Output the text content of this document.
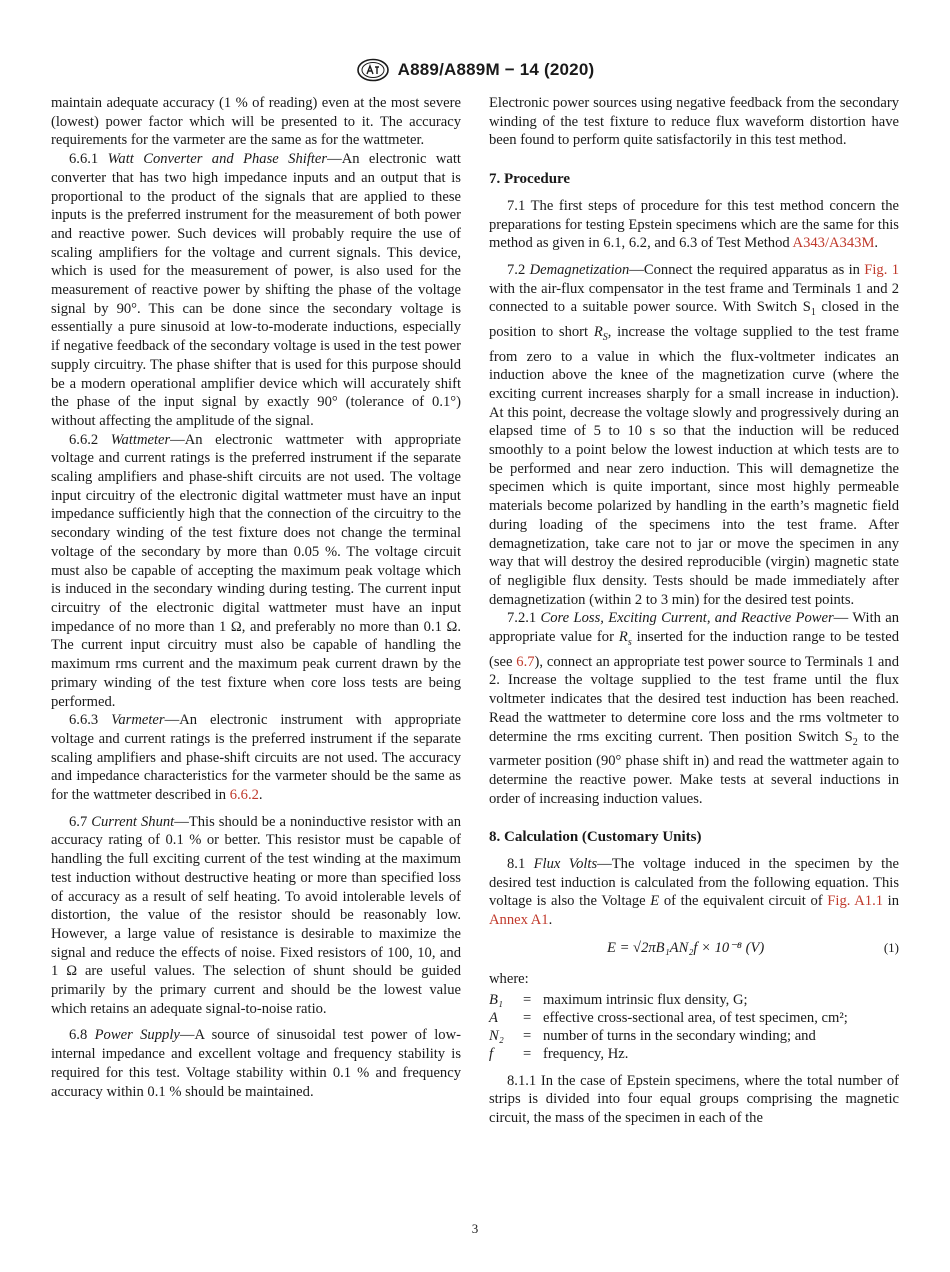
A889/A889M − 14 (2020)

maintain adequate accuracy (1 % of reading) even at the most severe (lowest) power factor which will be presented to it. The accuracy requirements for the varmeter are the same as for the wattmeter.

6.6.1 Watt Converter and Phase Shifter—An electronic watt converter that has two high impedance inputs and an output that is proportional to the product of the signals that are applied to these inputs is the preferred instrument for the measurement of both power and reactive power. Such devices will probably require the use of scaling amplifiers for the voltage and current signals. This device, which is used for the measurement of power, is also used for the measurement of reactive power by shifting the phase of the voltage signal by 90°. This can be done since the secondary voltage is essentially a pure sinusoid at low-to-moderate inductions, especially if negative feedback of the secondary voltage is used in the test power supply circuitry. The phase shifter that is used for this purpose should be a modern operational amplifier device which will accurately shift the phase of the input signal by exactly 90° (tolerance of 0.1°) without affecting the amplitude of the signal.

6.6.2 Wattmeter—An electronic wattmeter with appropriate voltage and current ratings is the preferred instrument if the separate scaling amplifiers and phase-shift circuits are not used. The voltage input circuitry of the electronic digital wattmeter must have an input impedance sufficiently high that the connection of the circuitry to the secondary winding of the test fixture does not change the terminal voltage of the secondary by more than 0.05 %. The voltage circuit must also be capable of accepting the maximum peak voltage which is induced in the secondary winding during testing. The current input circuitry of the electronic digital wattmeter must have an input impedance of no more than 1 Ω, and preferably no more than 0.1 Ω. The current input circuitry must also be capable of handling the maximum rms current and the maximum peak current drawn by the primary winding of the test fixture when core loss tests are being performed.

6.6.3 Varmeter—An electronic instrument with appropriate voltage and current ratings is the preferred instrument if the separate scaling amplifiers and phase-shift circuits are not used. The accuracy and impedance characteristics for the varmeter should be the same as for the wattmeter described in 6.6.2.

6.7 Current Shunt—This should be a noninductive resistor with an accuracy rating of 0.1 % or better. This resistor must be capable of handling the full exciting current of the test winding at the maximum test induction without destructive heating or more than specified loss of accuracy as a result of self heating. To avoid intolerable levels of distortion, the value of the resistor should be reasonably low. However, a large value of resistance is desirable to maximize the signal and reduce the effects of noise. Fixed resistors of 100, 10, and 1 Ω are useful values. The selection of shunt should be guided primarily by the primary current and should be the lowest value which retains an adequate signal-to-noise ratio.

6.8 Power Supply—A source of sinusoidal test power of low-internal impedance and excellent voltage and frequency stability is required for this test. Voltage stability within 0.1 % and frequency accuracy within 0.1 % should be maintained.

Electronic power sources using negative feedback from the secondary winding of the test fixture to reduce flux waveform distortion have been found to perform quite satisfactorily in this test method.

7. Procedure

7.1 The first steps of procedure for this test method concern the preparations for testing Epstein specimens which are the same for this method as given in 6.1, 6.2, and 6.3 of Test Method A343/A343M.

7.2 Demagnetization—Connect the required apparatus as in Fig. 1 with the air-flux compensator in the test frame and Terminals 1 and 2 connected to a suitable power source. With Switch $S_1$ closed in the position to short $R_S$, increase the voltage supplied to the test frame from zero to a value in which the flux-voltmeter indicates an induction above the knee of the magnetization curve (where the exciting current increases sharply for a small increase in induction). At this point, decrease the voltage slowly and progressively during an elapsed time of 5 to 10 s so that the induction will be reduced smoothly to a point below the lowest induction at which tests are to be performed and near zero induction. This will demagnetize the specimen which is quite important, since most highly permeable materials become polarized by handling in the earth’s magnetic field during loading of the specimens into the test frame. After demagnetization, take care not to jar or move the specimen in any way that will destroy the desired reproducible (virgin) magnetic state of negligible flux density. Tests should be made immediately after demagnetization (within 2 to 3 min) for the desired test points.

7.2.1 Core Loss, Exciting Current, and Reactive Power— With an appropriate value for $R_s$ inserted for the induction range to be tested (see 6.7), connect an appropriate test power source to Terminals 1 and 2. Increase the voltage supplied to the test frame until the flux voltmeter indicates that the desired test induction has been reached. Read the wattmeter to determine core loss and the rms voltmeter to determine the rms exciting current. Then position Switch $S_2$ to the varmeter position (90° phase shift in) and read the wattmeter again to determine the reactive power. Make tests at several inductions in order of increasing induction values.

8. Calculation (Customary Units)

8.1 Flux Volts—The voltage induced in the specimen by the desired test induction is calculated from the following equation. This voltage is also the Voltage E of the equivalent circuit of Fig. A1.1 in Annex A1.

E = √2πB₁AN₂f × 10⁻⁸ (V)	(1)

where:

B₁	= maximum intrinsic flux density, G;
A	= effective cross-sectional area, of test specimen, cm²;
N₂	= number of turns in the secondary winding; and
f	= frequency, Hz.

8.1.1 In the case of Epstein specimens, where the total number of strips is divided into four equal groups comprising the magnetic circuit, the mass of the specimen in each of the

3
